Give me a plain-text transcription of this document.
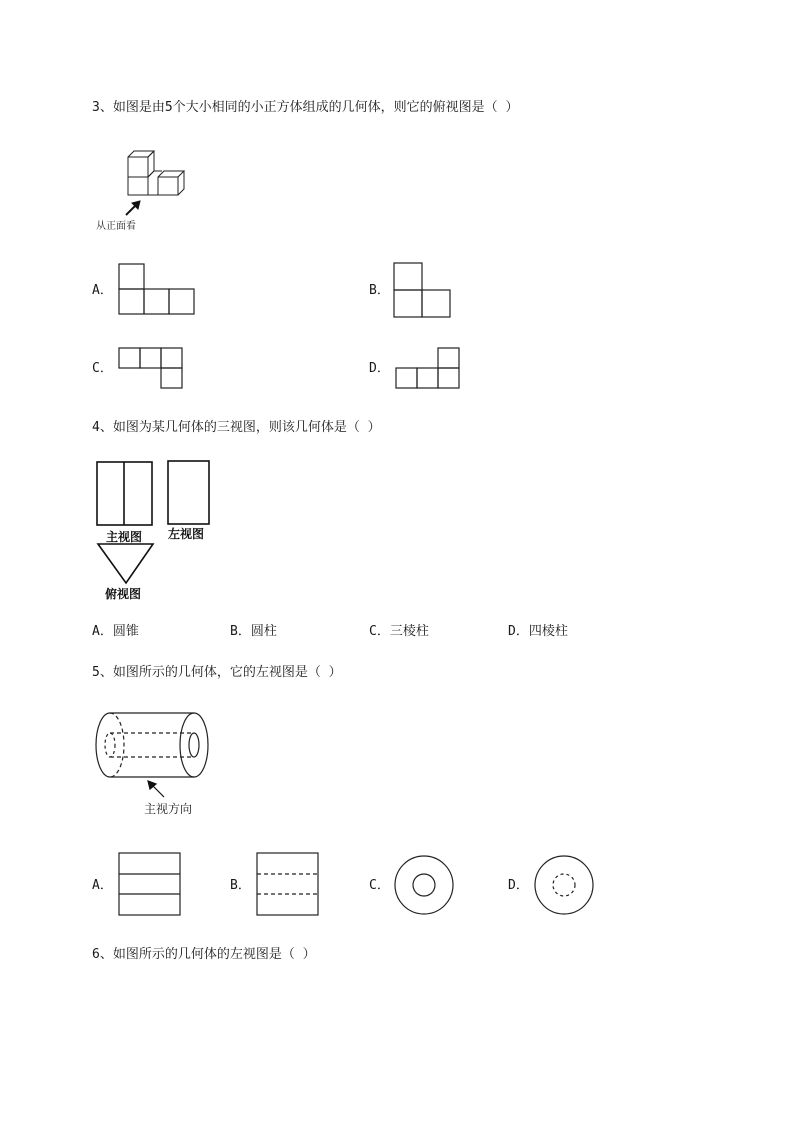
3、如图是由5个大小相同的小正方体组成的几何体，则它的俯视图是（ ）
从正面看
A．	B．
C．	D．
4、如图为某几何体的三视图，则该几何体是（ ）
主视图 左视图
俯视图
A．圆锥	B．圆柱	C．三棱柱	D．四棱柱
5、如图所示的几何体，它的左视图是（ ）
主视方向
A．	B．	C．	D．
6、如图所示的几何体的左视图是（ ）
